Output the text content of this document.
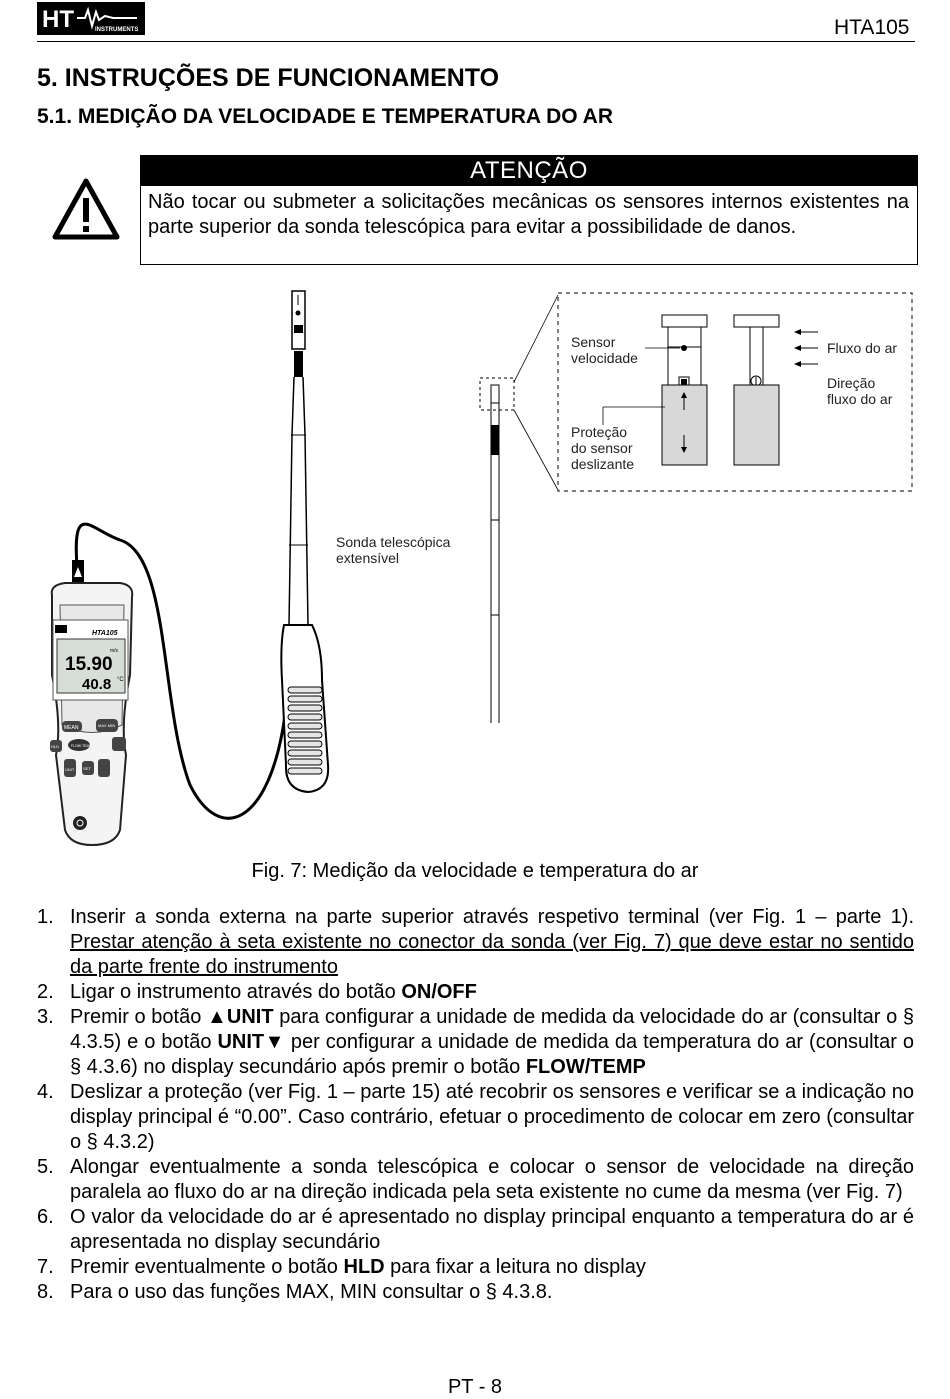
HT	INSTRUMENTS	HTA105
5. INSTRUÇÕES DE FUNCIONAMENTO
5.1. MEDIÇÃO DA VELOCIDADE E TEMPERATURA DO AR
ATENÇÃO
Não tocar ou submeter a solicitações mecânicas os sensores internos existentes na parte superior da sonda telescópica para evitar a possibilidade de danos.
HTA105
15.90
m/s
40.8 °C
MEAN	MAX MIN
HLD	FLOW TEMP
UNIT SET
Sensor
velocidade
Fluxo do ar
Direção
fluxo do ar
Proteção
do sensor
deslizante
Sonda telescópica
extensível
Fig. 7: Medição da velocidade e temperatura do ar
1. Inserir a sonda externa na parte superior através respetivo terminal (ver Fig. 1 – parte 1). Prestar atenção à seta existente no conector da sonda (ver Fig. 7) que deve estar no sentido da parte frente do instrumento
2. Ligar o instrumento através do botão ON/OFF
3. Premir o botão ▲UNIT para configurar a unidade de medida da velocidade do ar (consultar o § 4.3.5) e o botão UNIT▼ per configurar a unidade de medida da temperatura do ar (consultar o § 4.3.6) no display secundário após premir o botão FLOW/TEMP
4. Deslizar a proteção (ver Fig. 1 – parte 15) até recobrir os sensores e verificar se a indicação no display principal é “0.00”. Caso contrário, efetuar o procedimento de colocar em zero (consultar o § 4.3.2)
5. Alongar eventualmente a sonda telescópica e colocar o sensor de velocidade na direção paralela ao fluxo do ar na direção indicada pela seta existente no cume da mesma (ver Fig. 7)
6. O valor da velocidade do ar é apresentado no display principal enquanto a temperatura do ar é apresentada no display secundário
7. Premir eventualmente o botão HLD para fixar a leitura no display
8. Para o uso das funções MAX, MIN consultar o § 4.3.8.
PT - 8
